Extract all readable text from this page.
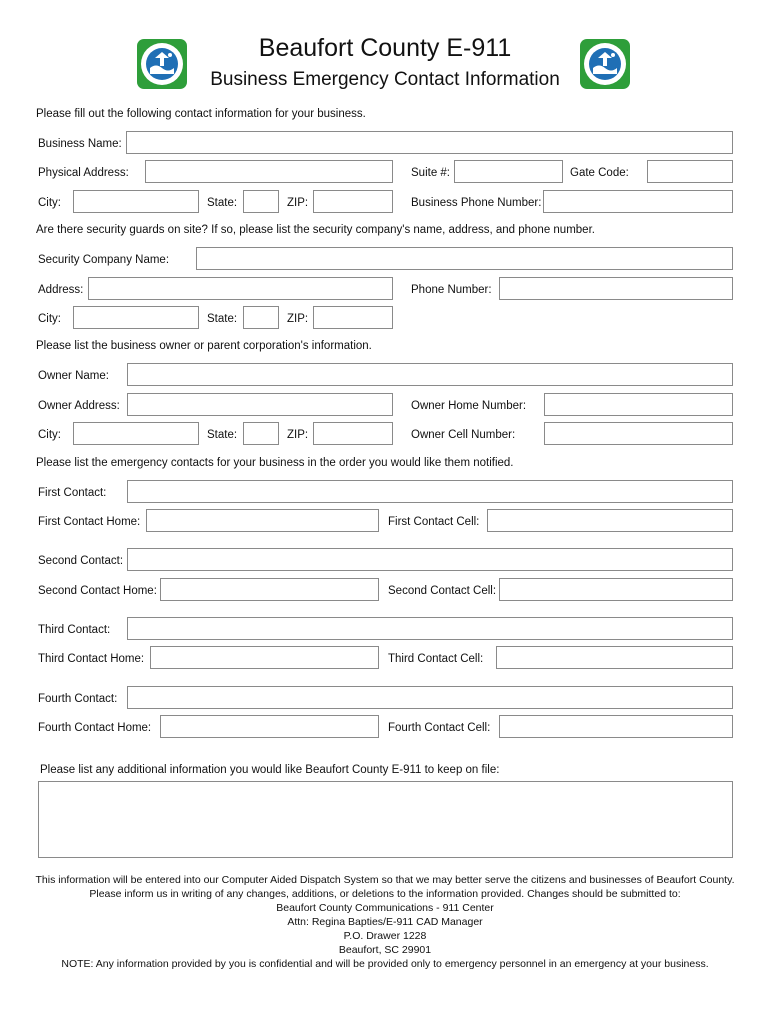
Beaufort County E-911
Business Emergency Contact Information
Please fill out the following contact information for your business.
Business Name:
Physical Address:	Suite #:	Gate Code:
City:	State:	ZIP:	Business Phone Number:
Are there security guards on site? If so, please list the security company's name, address, and phone number.
Security Company Name:
Address:	Phone Number:
City:	State:	ZIP:
Please list the business owner or parent corporation's information.
Owner Name:
Owner Address:	Owner Home Number:
City:	State:	ZIP:	Owner Cell Number:
Please list the emergency contacts for your business in the order you would like them notified.
First Contact:
First Contact Home:	First Contact Cell:
Second Contact:
Second Contact Home:	Second Contact Cell:
Third Contact:
Third Contact Home:	Third Contact Cell:
Fourth Contact:
Fourth Contact Home:	Fourth Contact Cell:
Please list any additional information you would like Beaufort County E-911 to keep on file:
This information will be entered into our Computer Aided Dispatch System so that we may better serve the citizens and businesses of Beaufort County.
Please inform us in writing of any changes, additions, or deletions to the information provided. Changes should be submitted to:
Beaufort County Communications - 911 Center
Attn: Regina Bapties/E-911 CAD Manager
P.O. Drawer 1228
Beaufort, SC 29901
NOTE: Any information provided by you is confidential and will be provided only to emergency personnel in an emergency at your business.
